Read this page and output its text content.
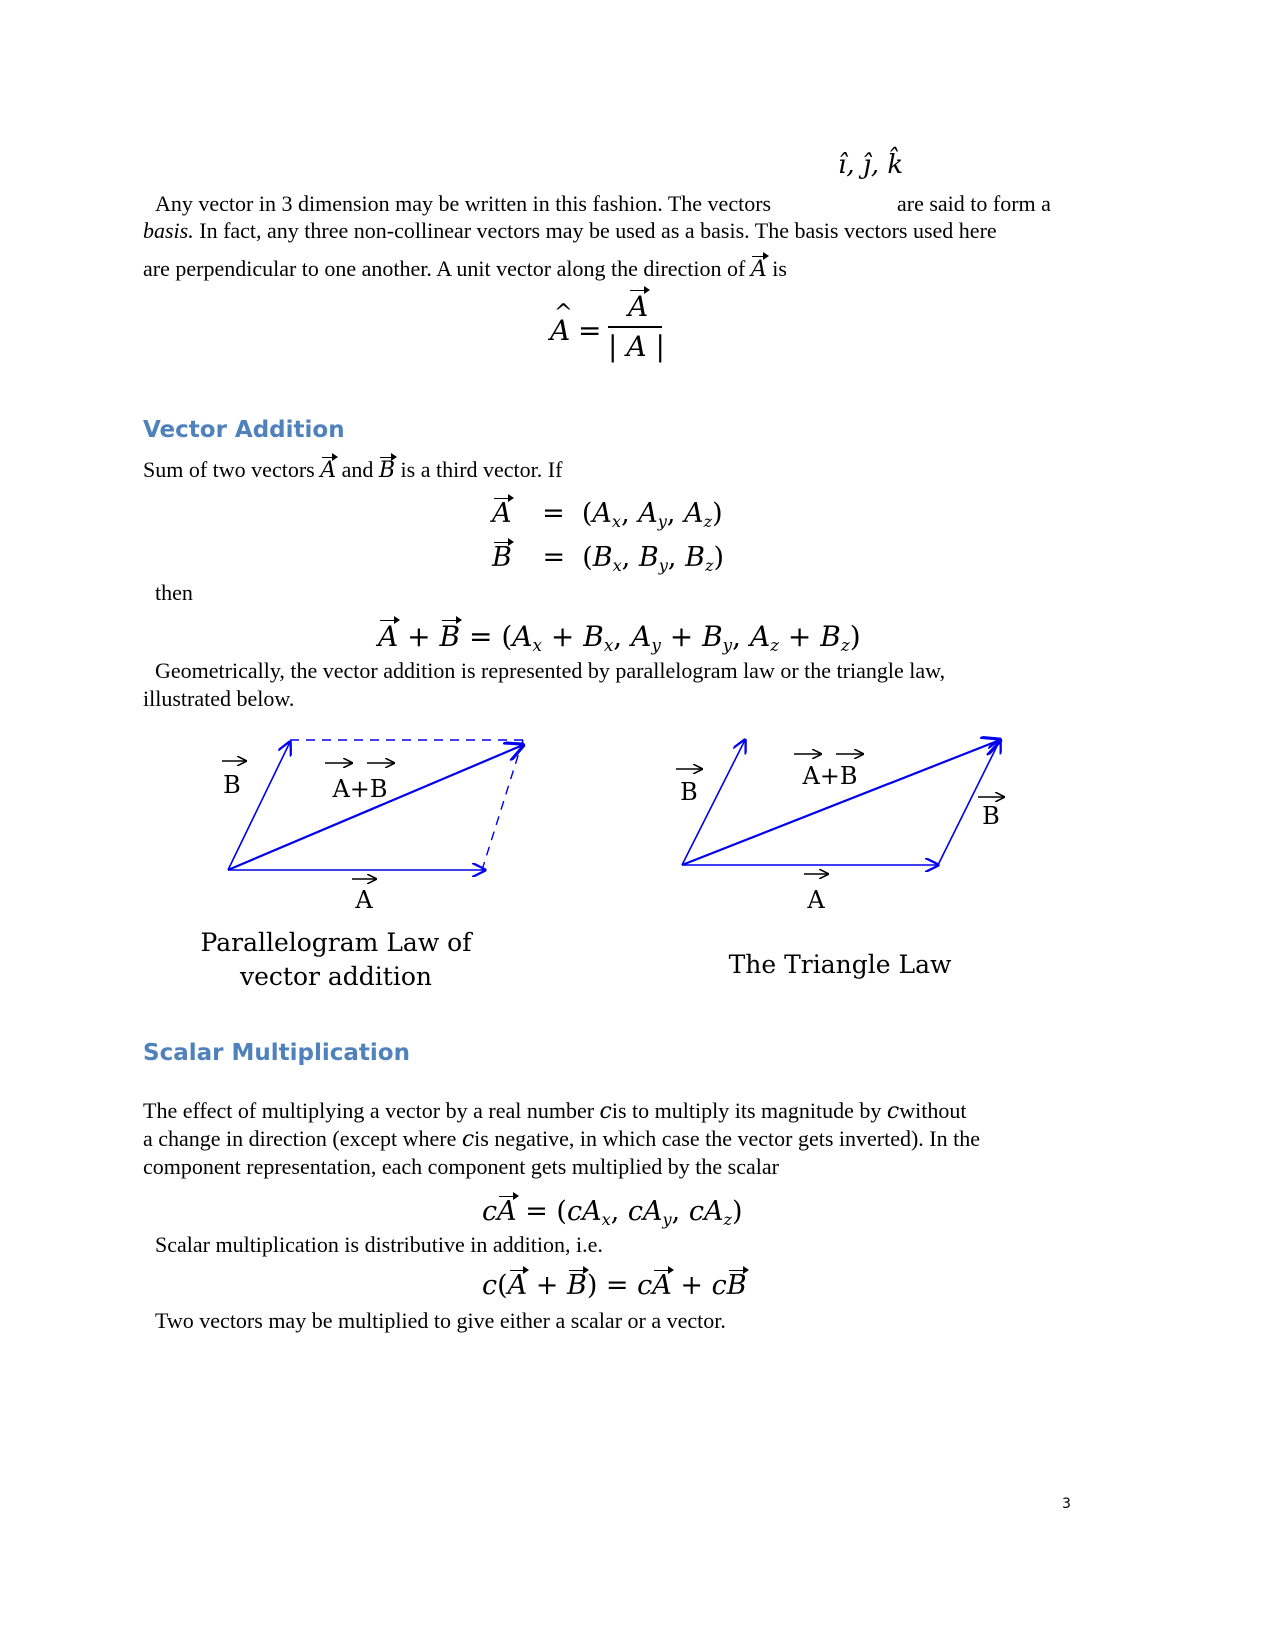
î, ĵ, k̂
Any vector in 3 dimension may be written in this fashion. The vectors	are said to form a
basis. In fact, any three non-collinear vectors may be used as a basis. The basis vectors used here
are perpendicular to one another. A unit vector along the direction of A is
^ A =
A
| A |
Vector Addition
Sum of two vectors A and B is a third vector. If
$A = (A_x$, $A_y$, $A_z$)
$B = (B_x$, $B_y$, $B_z$)
then
$A + B = (A_x + B_x$, $A_y + B_y$, $A_z + B_z$)
Geometrically, the vector addition is represented by parallelogram law or the triangle law,
illustrated below.
B	A+B
A
B
A+B
B
A
Parallelogram Law of
vector addition	The Triangle Law
Scalar Multiplication
The effect of multiplying a vector by a real number cis to multiply its magnitude by cwithout
a change in direction (except where cis negative, in which case the vector gets inverted). In the
component representation, each component gets multiplied by the scalar
cA = ($cA_x$, $cA_y$, $cA_z$)
Scalar multiplication is distributive in addition, i.e.
c(A + B) = cA + cB
Two vectors may be multiplied to give either a scalar or a vector.
3
